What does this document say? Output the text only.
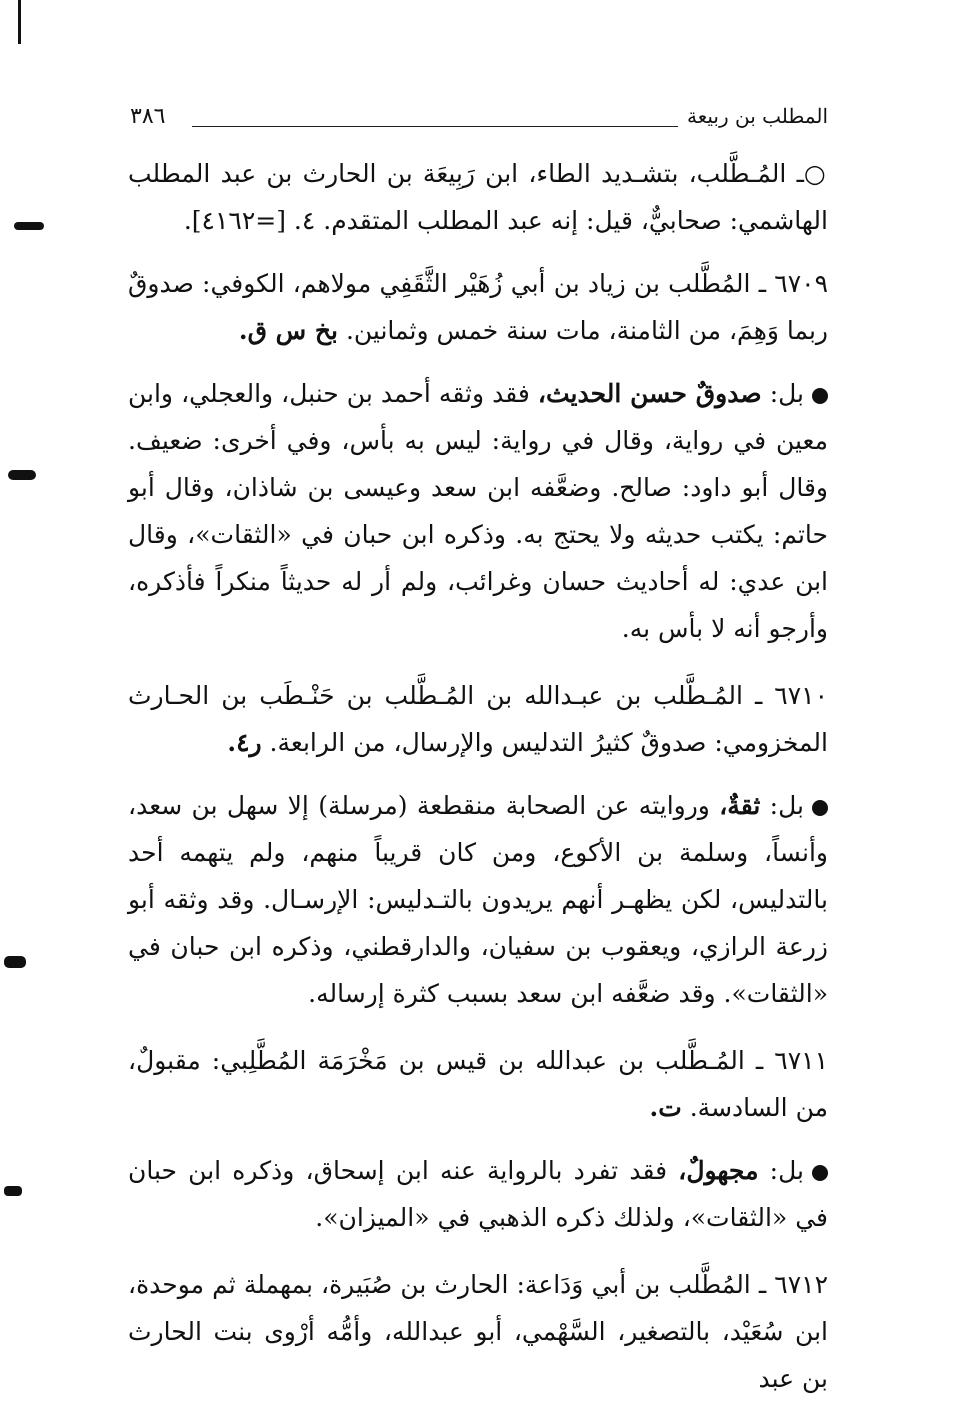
٣٨٦	المطلب بن ربيعة

○ـ المُـطَّلب، بتشـديد الطاء، ابن رَبِيعَة بن الحارث بن عبد المطلب الهاشمي: صحابيٌّ، قيل: إنه عبد المطلب المتقدم. ٤. [=٤١٦٢].

٦٧٠٩ ـ المُطَّلب بن زياد بن أبي زُهَيْر الثَّقَفِي مولاهم، الكوفي: صدوقٌ ربما وَهِمَ، من الثامنة، مات سنة خمس وثمانين. بخ س ق.

بل: صدوقٌ حسن الحديث، فقد وثقه أحمد بن حنبل، والعجلي، وابن معين في رواية، وقال في رواية: ليس به بأس، وفي أخرى: ضعيف. وقال أبو داود: صالح. وضعَّفه ابن سعد وعيسى بن شاذان، وقال أبو حاتم: يكتب حديثه ولا يحتج به. وذكره ابن حبان في «الثقات»، وقال ابن عدي: له أحاديث حسان وغرائب، ولم أر له حديثاً منكراً فأذكره، وأرجو أنه لا بأس به.

٦٧١٠ ـ المُـطَّلب بن عبـدالله بن المُـطَّلب بن حَنْـطَب بن الحـارث المخزومي: صدوقٌ كثيرُ التدليس والإرسال، من الرابعة. ر٤.

بل: ثقةٌ، وروايته عن الصحابة منقطعة (مرسلة) إلا سهل بن سعد، وأنساً، وسلمة بن الأكوع، ومن كان قريباً منهم، ولم يتهمه أحد بالتدليس، لكن يظهـر أنهم يريدون بالتـدليس: الإرسـال. وقد وثقه أبو زرعة الرازي، ويعقوب بن سفيان، والدارقطني، وذكره ابن حبان في «الثقات». وقد ضعَّفه ابن سعد بسبب كثرة إرساله.

٦٧١١ ـ المُـطَّلب بن عبدالله بن قيس بن مَخْرَمَة المُطَّلِبي: مقبولٌ، من السادسة. ت.

بل: مجهولٌ، فقد تفرد بالرواية عنه ابن إسحاق، وذكره ابن حبان في «الثقات»، ولذلك ذكره الذهبي في «الميزان».

٦٧١٢ ـ المُطَّلب بن أبي وَدَاعة: الحارث بن صُبَيرة، بمهملة ثم موحدة، ابن سُعَيْد، بالتصغير، السَّهْمي، أبو عبدالله، وأمُّه أرْوى بنت الحارث بن عبد
